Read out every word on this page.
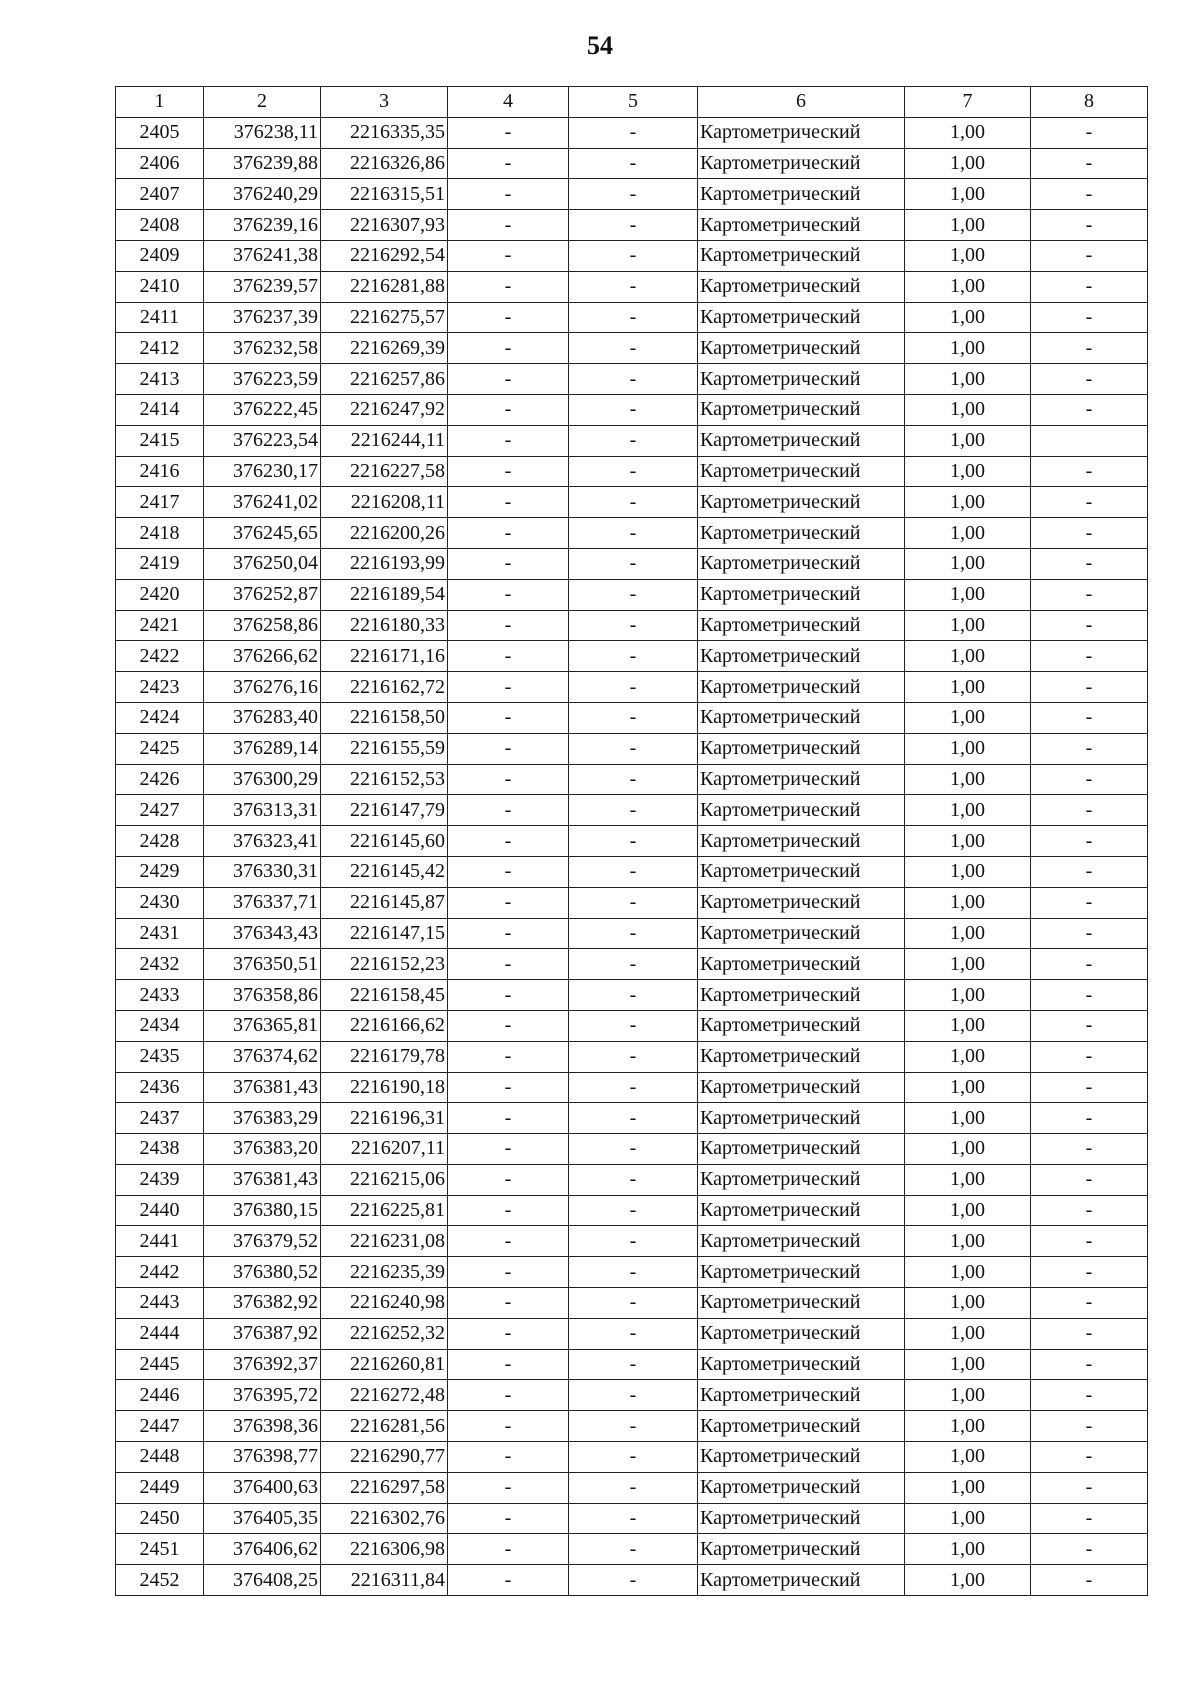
54
1	2	3	4	5	6	7	8
2405	376238,11	2216335,35	-	-	Картометрический	1,00	-
2406	376239,88	2216326,86	-	-	Картометрический	1,00	-
2407	376240,29	2216315,51	-	-	Картометрический	1,00	-
2408	376239,16	2216307,93	-	-	Картометрический	1,00	-
2409	376241,38	2216292,54	-	-	Картометрический	1,00	-
2410	376239,57	2216281,88	-	-	Картометрический	1,00	-
2411	376237,39	2216275,57	-	-	Картометрический	1,00	-
2412	376232,58	2216269,39	-	-	Картометрический	1,00	-
2413	376223,59	2216257,86	-	-	Картометрический	1,00	-
2414	376222,45	2216247,92	-	-	Картометрический	1,00	-
2415	376223,54	2216244,11	-	-	Картометрический	1,00	
2416	376230,17	2216227,58	-	-	Картометрический	1,00	-
2417	376241,02	2216208,11	-	-	Картометрический	1,00	-
2418	376245,65	2216200,26	-	-	Картометрический	1,00	-
2419	376250,04	2216193,99	-	-	Картометрический	1,00	-
2420	376252,87	2216189,54	-	-	Картометрический	1,00	-
2421	376258,86	2216180,33	-	-	Картометрический	1,00	-
2422	376266,62	2216171,16	-	-	Картометрический	1,00	-
2423	376276,16	2216162,72	-	-	Картометрический	1,00	-
2424	376283,40	2216158,50	-	-	Картометрический	1,00	-
2425	376289,14	2216155,59	-	-	Картометрический	1,00	-
2426	376300,29	2216152,53	-	-	Картометрический	1,00	-
2427	376313,31	2216147,79	-	-	Картометрический	1,00	-
2428	376323,41	2216145,60	-	-	Картометрический	1,00	-
2429	376330,31	2216145,42	-	-	Картометрический	1,00	-
2430	376337,71	2216145,87	-	-	Картометрический	1,00	-
2431	376343,43	2216147,15	-	-	Картометрический	1,00	-
2432	376350,51	2216152,23	-	-	Картометрический	1,00	-
2433	376358,86	2216158,45	-	-	Картометрический	1,00	-
2434	376365,81	2216166,62	-	-	Картометрический	1,00	-
2435	376374,62	2216179,78	-	-	Картометрический	1,00	-
2436	376381,43	2216190,18	-	-	Картометрический	1,00	-
2437	376383,29	2216196,31	-	-	Картометрический	1,00	-
2438	376383,20	2216207,11	-	-	Картометрический	1,00	-
2439	376381,43	2216215,06	-	-	Картометрический	1,00	-
2440	376380,15	2216225,81	-	-	Картометрический	1,00	-
2441	376379,52	2216231,08	-	-	Картометрический	1,00	-
2442	376380,52	2216235,39	-	-	Картометрический	1,00	-
2443	376382,92	2216240,98	-	-	Картометрический	1,00	-
2444	376387,92	2216252,32	-	-	Картометрический	1,00	-
2445	376392,37	2216260,81	-	-	Картометрический	1,00	-
2446	376395,72	2216272,48	-	-	Картометрический	1,00	-
2447	376398,36	2216281,56	-	-	Картометрический	1,00	-
2448	376398,77	2216290,77	-	-	Картометрический	1,00	-
2449	376400,63	2216297,58	-	-	Картометрический	1,00	-
2450	376405,35	2216302,76	-	-	Картометрический	1,00	-
2451	376406,62	2216306,98	-	-	Картометрический	1,00	-
2452	376408,25	2216311,84	-	-	Картометрический	1,00	-
